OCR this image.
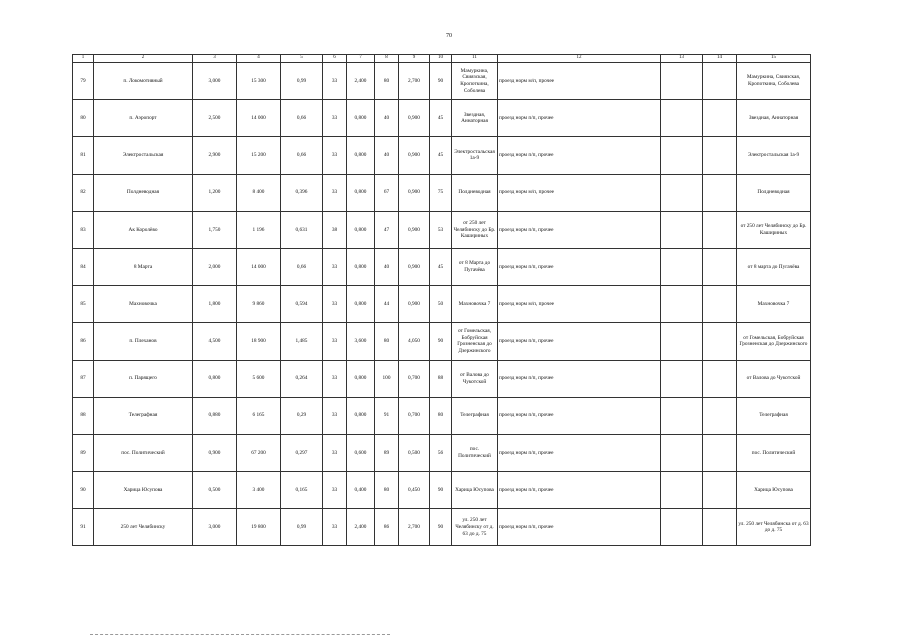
70
1	2	3	4	5	6	7	8	9	10	11	12	13	14	15
79	п. Локомотивный	3,000	15 300	0,99	33	2,400	80	2,700	90	Мамуркина, Свиязская, Кропоткина, Соболева	проезд норм м/п, прочее			Мамуркина, Свиязская, Кропоткина, Соболева
80	п. Аэропорт	2,500	14 000	0,66	33	0,800	40	0,900	45	Звездная, Аннаторная	проезд норм п/п, прочее			Звездная, Аннаторная
81	Электростальская	2,900	15 200	0,66	33	0,800	40	0,900	45	Электростальская 1а-9	проезд норм п/п, прочее			Электростальская 1а-9
82	Полдневодная	1,200	8 400	0,396	33	0,800	67	0,900	75	Полдневодная	проезд норм м/п, прочее			Полдневодная
83	Ак Королёво	1,750	1 196	0,631	38	0,800	47	0,900	53	от 250 лет Челябинску до Бр. Кашириных	проезд норм п/п, прочее			от 250 лет Челябинску до Бр. Кашириных
84	8 Марта	2,000	14 000	0,66	33	0,800	40	0,900	45	от 8 Марта до Пугачёва	проезд норм п/п, прочее			от 8 марта до Пугачёва
85	Махновочка	1,800	9 860	0,594	33	0,800	44	0,900	50	Махновочка 7	проезд норм м/п, прочее			Махновочка 7
86	п. Плеханов	4,500	18 900	1,485	33	3,600	80	4,050	90	от Гомельская, Бобруйская Грозненская до Дзержинского	проезд норм п/п, прочее			от Гомельская, Бобруйская Грозненская до Дзержинского
87	п. Парящего	0,800	5 600	0,264	33	0,800	100	0,700	88	от Валова до Чукотской	проезд норм п/п, прочее			от Валова до Чукотской
88	Телеграфная	0,880	6 165	0,29	33	0,800	91	0,700	80	Телеграфная	проезд норм п/п, прочее			Телеграфная
89	пос. Политический	0,900	67 200	0,297	33	0,600	89	0,500	56	пос. Политический	проезд норм п/п, прочее			пос. Политический
90	Харица Юсупова	0,500	3 400	0,165	33	0,400	80	0,450	90	Харица Юсупова	проезд норм п/п, прочее			Харица Юсупова
91	250 лет Челябинску	3,000	19 800	0,99	33	2,400	86	2,700	90	ул. 250 лет Челябинску от д. 63 до д. 75	проезд норм п/п, прочее			ул. 250 лет Челябинска от д. 63 до д. 75
